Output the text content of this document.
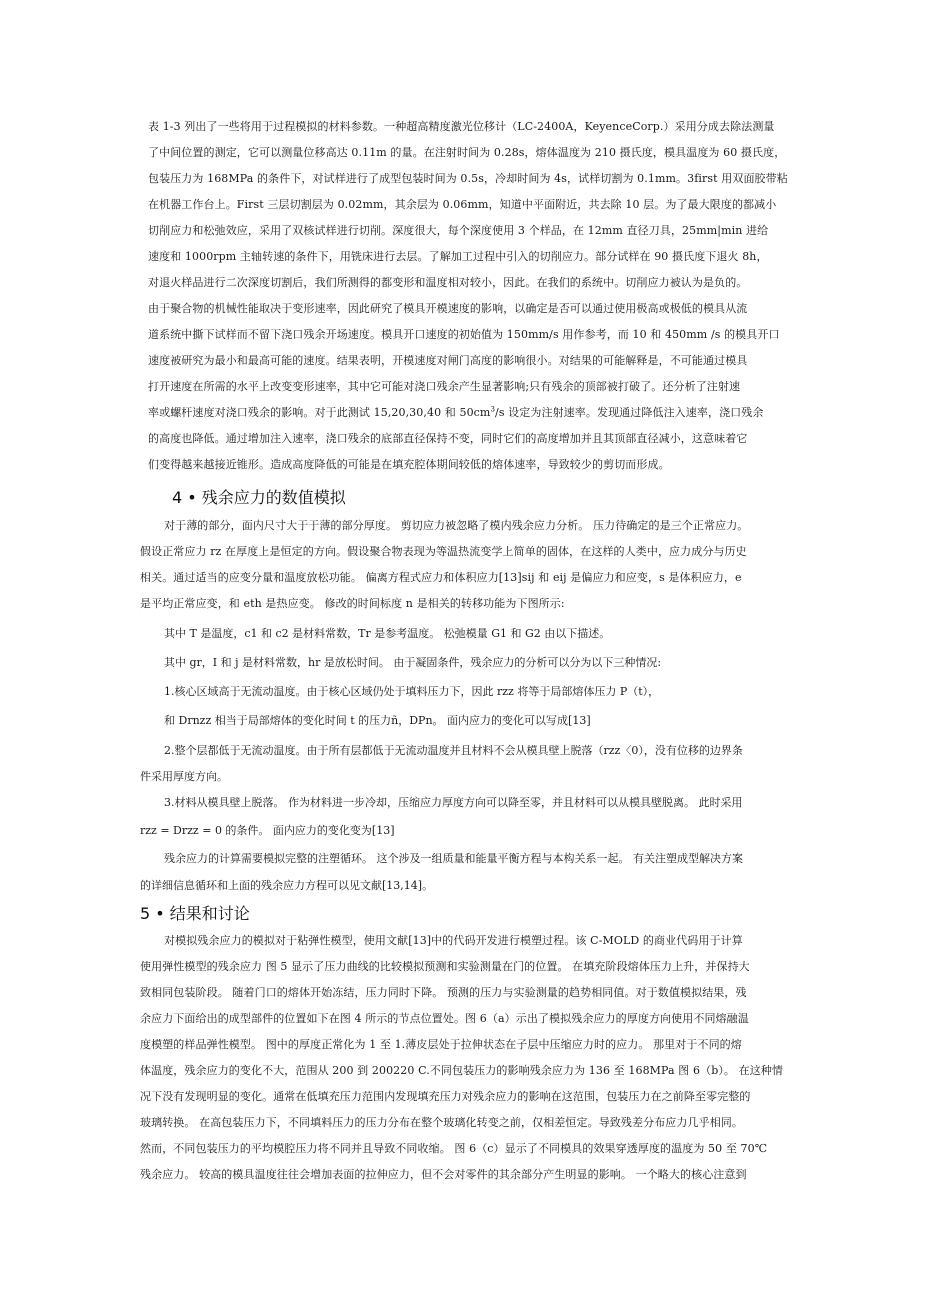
表 1-3 列出了一些将用于过程模拟的材料参数。一种超高精度激光位移计（LC-2400A，KeyenceCorp.）采用分成去除法测量
了中间位置的测定，它可以测量位移高达 0.11m 的量。在注射时间为 0.28s，熔体温度为 210 摄氏度，模具温度为 60 摄氏度，
包装压力为 168MPa 的条件下，对试样进行了成型包装时间为 0.5s，冷却时间为 4s，试样切割为 0.1mm。3first 用双面胶带粘
在机器工作台上。First 三层切割层为 0.02mm，其余层为 0.06mm，知道中平面附近，共去除 10 层。为了最大限度的都减小
切削应力和松弛效应，采用了双核试样进行切削。深度很大，每个深度使用 3 个样品，在 12mm 直径刀具，25mm|min 进给
速度和 1000rpm 主轴转速的条件下，用铣床进行去层。了解加工过程中引入的切削应力。部分试样在 90 摄氏度下退火 8h，
对退火样品进行二次深度切割后，我们所测得的都变形和温度相对较小，因此。在我们的系统中。切削应力被认为是负的。
由于聚合物的机械性能取决于变形速率，因此研究了模具开模速度的影响，以确定是否可以通过使用极高或极低的模具从流
道系统中撕下试样而不留下浇口残余开场速度。模具开口速度的初始值为 150mm/s 用作参考，而 10 和 450mm /s 的模具开口
速度被研究为最小和最高可能的速度。结果表明，开模速度对闸门高度的影响很小。对结果的可能解释是，不可能通过模具
打开速度在所需的水平上改变变形速率，其中它可能对浇口残余产生显著影响;只有残余的顶部被打破了。还分析了注射速
率或螺杆速度对浇口残余的影响。对于此测试 15,20,30,40 和 $50cm^3/s$ 设定为注射速率。发现通过降低注入速率，浇口残余
的高度也降低。通过增加注入速率，浇口残余的底部直径保持不变，同时它们的高度增加并且其顶部直径减小，这意味着它
们变得越来越接近锥形。造成高度降低的可能是在填充腔体期间较低的熔体速率，导致较少的剪切而形成。
4 • 残余应力的数值模拟
对于薄的部分，面内尺寸大于于薄的部分厚度。 剪切应力被忽略了模内残余应力分析。 压力待确定的是三个正常应力。
假设正常应力 rz 在厚度上是恒定的方向。假设聚合物表现为等温热流变学上简单的固体，在这样的人类中，应力成分与历史
相关。通过适当的应变分量和温度放松功能。 偏离方程式应力和体积应力[13]sij 和 eij 是偏应力和应变，s 是体积应力，e
是平均正常应变，和 eth 是热应变。 修改的时间标度 n 是相关的转移功能为下图所示:

其中 T 是温度，c1 和 c2 是材料常数，Tr 是参考温度。 松弛模量 G1 和 G2 由以下描述。

其中 gr，I 和 j 是材料常数，hr 是放松时间。 由于凝固条件，残余应力的分析可以分为以下三种情况:

1.核心区域高于无流动温度。由于核心区域仍处于填料压力下，因此 rzz 将等于局部熔体压力 P（t），

和 Drnzz 相当于局部熔体的变化时间 t 的压力ñ，DPn。 面内应力的变化可以写成[13]

2.整个层都低于无流动温度。由于所有层都低于无流动温度并且材料不会从模具壁上脱落（rzz〈0），没有位移的边界条

件采用厚度方向。

3.材料从模具壁上脱落。 作为材料进一步冷却，压缩应力厚度方向可以降至零，并且材料可以从模具壁脱离。 此时采用

rzz = Drzz = 0 的条件。 面内应力的变化变为[13]

残余应力的计算需要模拟完整的注塑循环。 这个涉及一组质量和能量平衡方程与本构关系一起。 有关注塑成型解决方案

的详细信息循环和上面的残余应力方程可以见文献[13,14]。

5 • 结果和讨论
对模拟残余应力的模拟对于粘弹性模型，使用文献[13]中的代码开发进行模塑过程。该 C-MOLD 的商业代码用于计算
使用弹性模型的残余应力 图 5 显示了压力曲线的比较模拟预测和实验测量在门的位置。 在填充阶段熔体压力上升，并保持大
致相同包装阶段。 随着门口的熔体开始冻结，压力同时下降。 预测的压力与实验测量的趋势相同值。对于数值模拟结果，残
余应力下面给出的成型部件的位置如下在图 4 所示的节点位置处。图 6（a）示出了模拟残余应力的厚度方向使用不同熔融温
度模塑的样品弹性模型。 图中的厚度正常化为 1 至 1.薄皮层处于拉伸状态在子层中压缩应力时的应力。 那里对于不同的熔
体温度，残余应力的变化不大，范围从 200 到 200220 C.不同包装压力的影响残余应力为 136 至 168MPa 图 6（b）。 在这种情
况下没有发现明显的变化。通常在低填充压力范围内发现填充压力对残余应力的影响在这范围，包装压力在之前降至零完整的
玻璃转换。 在高包装压力下，不同填料压力的压力分布在整个玻璃化转变之前，仅相差恒定。导致残差分布应力几乎相同。
然而，不同包装压力的平均模腔压力将不同并且导致不同收缩。 图 6（c）显示了不同模具的效果穿透厚度的温度为 50 至 70℃
残余应力。 较高的模具温度往往会增加表面的拉伸应力，但不会对零件的其余部分产生明显的影响。 一个略大的核心注意到
